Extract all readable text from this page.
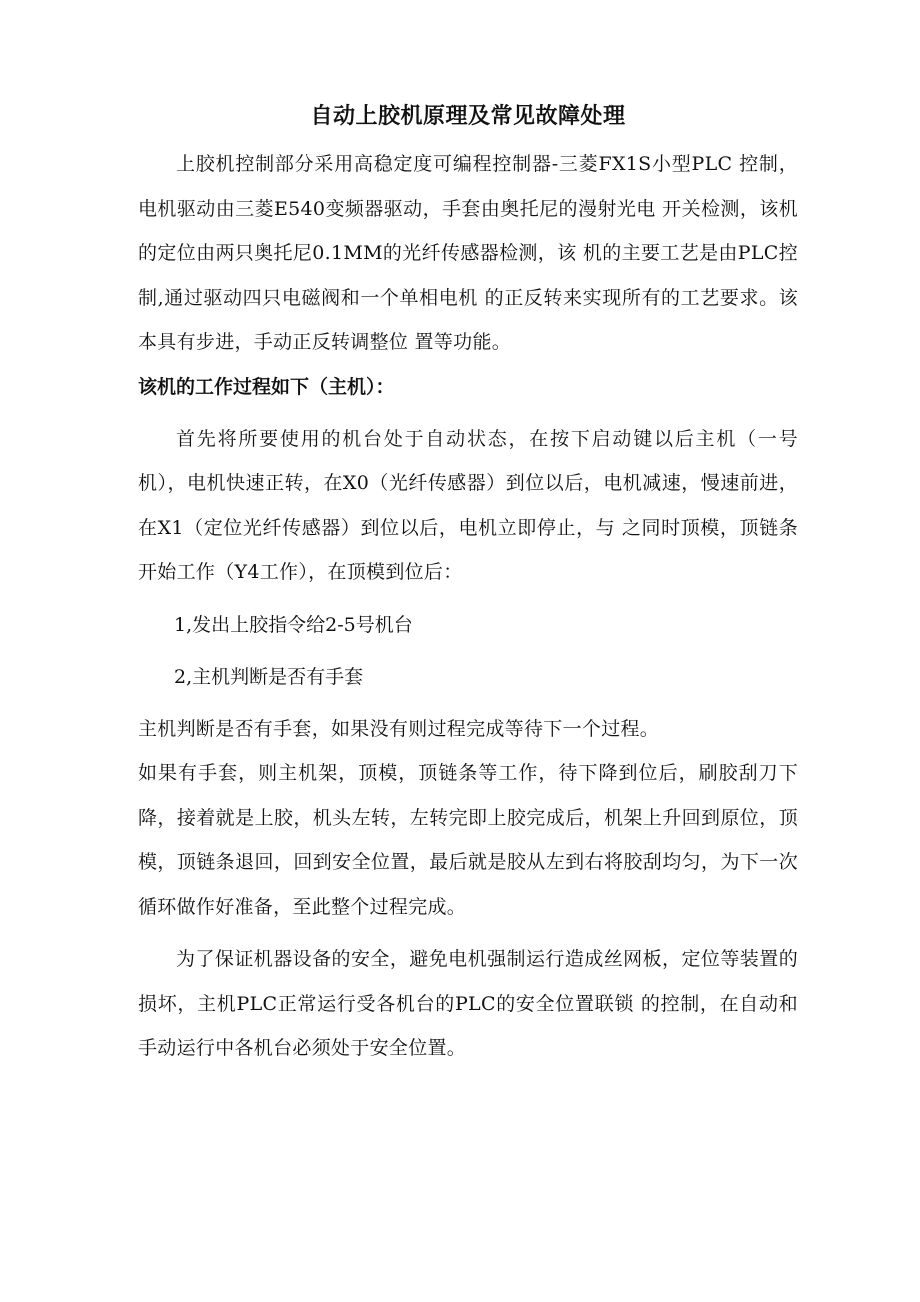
自动上胶机原理及常见故障处理

上胶机控制部分采用高稳定度可编程控制器-三菱FX1S小型PLC 控制，电机驱动由三菱E540变频器驱动，手套由奥托尼的漫射光电 开关检测，该机的定位由两只奥托尼0.1MM的光纤传感器检测，该 机的主要工艺是由PLC控制,通过驱动四只电磁阀和一个单相电机 的正反转来实现所有的工艺要求。该本具有步进，手动正反转调整位 置等功能。

该机的工作过程如下（主机）：

首先将所要使用的机台处于自动状态，在按下启动键以后主机（一号机），电机快速正转，在X0（光纤传感器）到位以后，电机减速，慢速前进，在X1（定位光纤传感器）到位以后，电机立即停止，与 之同时顶模，顶链条开始工作（Y4工作），在顶模到位后：

1,发出上胶指令给2-5号机台

2,主机判断是否有手套

主机判断是否有手套，如果没有则过程完成等待下一个过程。

如果有手套，则主机架，顶模，顶链条等工作，待下降到位后，刷胶刮刀下降，接着就是上胶，机头左转，左转完即上胶完成后，机架上升回到原位，顶模，顶链条退回，回到安全位置，最后就是胶从左到右将胶刮均匀，为下一次循环做作好准备，至此整个过程完成。

为了保证机器设备的安全，避免电机强制运行造成丝网板，定位等装置的损坏，主机PLC正常运行受各机台的PLC的安全位置联锁 的控制，在自动和手动运行中各机台必须处于安全位置。
